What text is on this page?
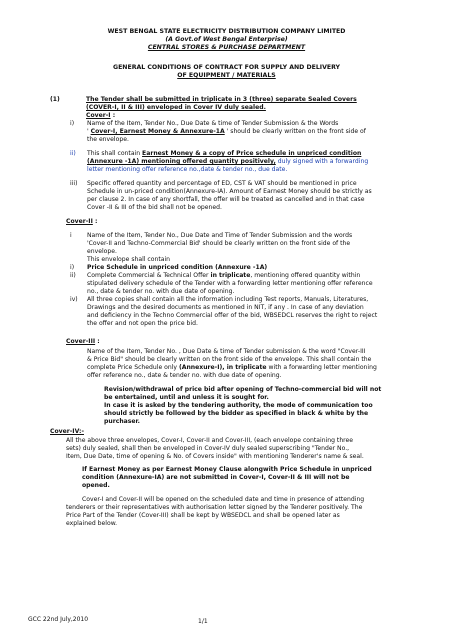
WEST BENGAL STATE ELECTRICITY DISTRIBUTION COMPANY LIMITED
(A Govt.of West Bengal Enterprise)
CENTRAL STORES & PURCHASE DEPARTMENT
GENERAL CONDITIONS OF CONTRACT FOR SUPPLY AND DELIVERY
OF EQUIPMENT / MATERIALS
(1)	The Tender shall be submitted in triplicate in 3 (three) separate Sealed Covers
(COVER-I, II & III) enveloped in Cover IV duly sealed.
Cover-I :
i) Name of the Item, Tender No., Due Date & time of Tender Submission & the Words
' Cover-I, Earnest Money & Annexure-1A ' should be clearly written on the front side of
the envelope.
ii) This shall contain Earnest Money & a copy of Price schedule in unpriced condition
(Annexure -1A) mentioning offered quantity positively, duly signed with a forwarding
letter mentioning offer reference no.,date & tender no., due date.
iii) Specific offered quantity and percentage of ED, CST & VAT should be mentioned in price
Schedule in un-priced condition(Annexure-IA). Amount of Earnest Money should be strictly as
per clause 2. In case of any shortfall, the offer will be treated as cancelled and in that case
Cover -II & III of the bid shall not be opened.
Cover-II :
i	Name of the Item, Tender No., Due Date and Time of Tender Submission and the words
'Cover-II and Techno-Commercial Bid' should be clearly written on the front side of the
envelope.
This envelope shall contain
i) Price Schedule in unpriced condition (Annexure -1A)
ii) Complete Commercial & Technical Offer in triplicate, mentioning offered quantity within
stipulated delivery schedule of the Tender with a forwarding letter mentioning offer reference
no., date & tender no. with due date of opening.
iv) All three copies shall contain all the information including Test reports, Manuals, Literatures,
Drawings and the desired documents as mentioned in NIT, if any . In case of any deviation
and deficiency in the Techno Commercial offer of the bid, WBSEDCL reserves the right to reject
the offer and not open the price bid.
Cover-III :
Name of the Item, Tender No. , Due Date & time of Tender submission & the word "Cover-III
& Price Bid" should be clearly written on the front side of the envelope. This shall contain the
complete Price Schedule only (Annexure-I), in triplicate with a forwarding letter mentioning
offer reference no., date & tender no. with due date of opening.
Revision/withdrawal of price bid after opening of Techno-commercial bid will not
be entertained, until and unless it is sought for.
In case it is asked by the tendering authority, the mode of communication too
should strictly be followed by the bidder as specified in black & white by the
purchaser.
Cover-IV:-
All the above three envelopes, Cover-I, Cover-II and Cover-III, (each envelope containing three
sets) duly sealed, shall then be enveloped in Cover-IV duly sealed superscribing "Tender No.,
Item, Due Date, time of opening & No. of Covers inside" with mentioning Tenderer's name & seal.
If Earnest Money as per Earnest Money Clause alongwith Price Schedule in unpriced
condition (Annexure-IA) are not submitted in Cover-I, Cover-II & III will not be
opened.
Cover-I and Cover-II will be opened on the scheduled date and time in presence of attending
tenderers or their representatives with authorisation letter signed by the Tenderer positively. The
Price Part of the Tender (Cover-III) shall be kept by WBSEDCL and shall be opened later as
explained below.
GCC 22nd July,2010	1/1
